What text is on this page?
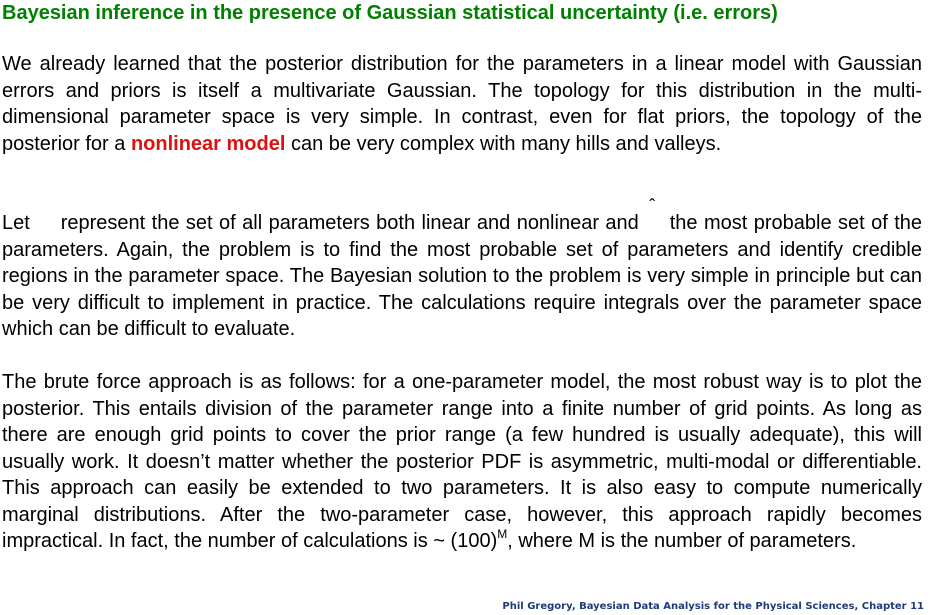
Bayesian inference in the presence of Gaussian statistical uncertainty (i.e. errors)

We already learned that the posterior distribution for the parameters in a linear model with Gaussian errors and priors is itself a multivariate Gaussian. The topology for this distribution in the multi-dimensional parameter space is very simple. In contrast, even for flat priors, the topology of the posterior for a nonlinear model can be very complex with many hills and valleys.

Let represent the set of all parameters both linear and nonlinear and
ˆ
the most probable set of the parameters. Again, the problem is to find the most probable set of parameters and identify credible regions in the parameter space. The Bayesian solution to the problem is very simple in principle but can be very difficult to implement in practice. The calculations require integrals over the parameter space which can be difficult to evaluate.

The brute force approach is as follows: for a one-parameter model, the most robust way is to plot the posterior. This entails division of the parameter range into a finite number of grid points. As long as there are enough grid points to cover the prior range (a few hundred is usually adequate), this will usually work. It doesn’t matter whether the posterior PDF is asymmetric, multi-modal or differentiable. This approach can easily be extended to two parameters. It is also easy to compute numerically marginal distributions. After the two-parameter case, however, this approach rapidly becomes impractical. In fact, the number of calculations is ~ $(100)^M$, where M is the number of parameters.

Phil Gregory, Bayesian Data Analysis for the Physical Sciences, Chapter 11
